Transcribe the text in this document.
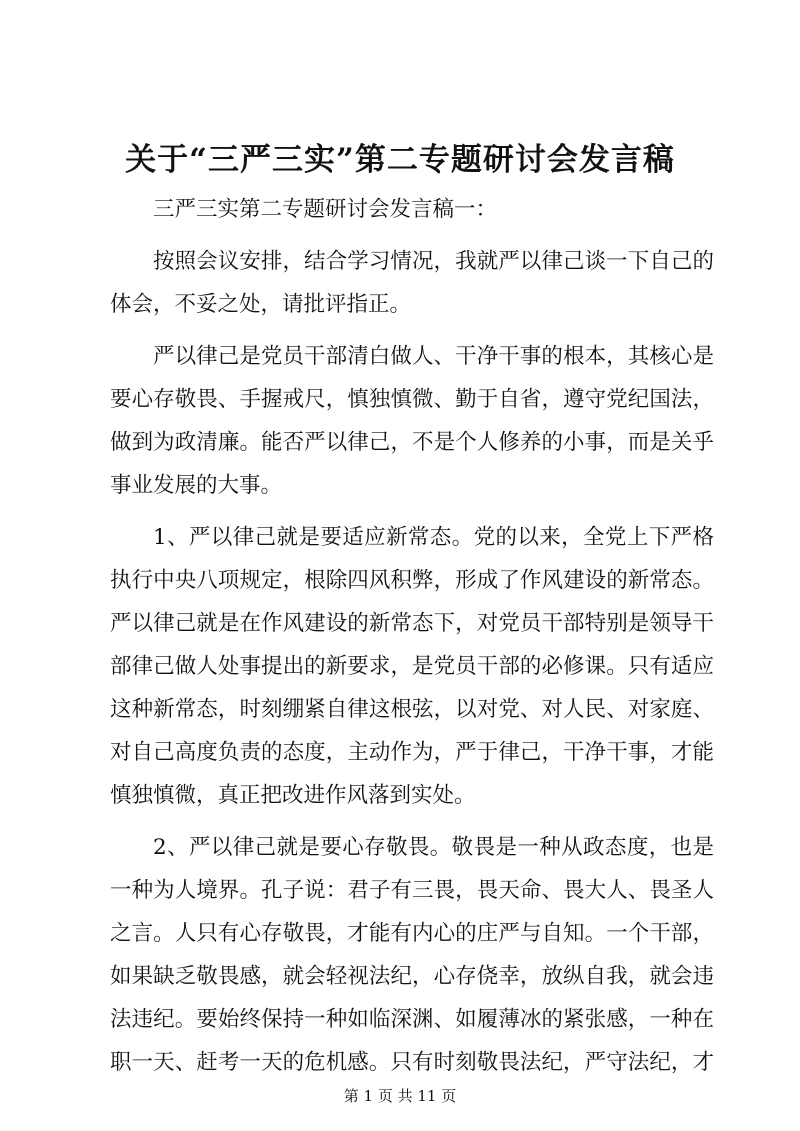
关于“三严三实”第二专题研讨会发言稿
三严三实第二专题研讨会发言稿一：
按照会议安排，结合学习情况，我就严以律己谈一下自己的
体会，不妥之处，请批评指正。
严以律己是党员干部清白做人、干净干事的根本，其核心是
要心存敬畏、手握戒尺，慎独慎微、勤于自省，遵守党纪国法，
做到为政清廉。能否严以律己，不是个人修养的小事，而是关乎
事业发展的大事。
1、严以律己就是要适应新常态。党的以来，全党上下严格
执行中央八项规定，根除四风积弊，形成了作风建设的新常态。
严以律己就是在作风建设的新常态下，对党员干部特别是领导干
部律己做人处事提出的新要求，是党员干部的必修课。只有适应
这种新常态，时刻绷紧自律这根弦，以对党、对人民、对家庭、
对自己高度负责的态度，主动作为，严于律己，干净干事，才能
慎独慎微，真正把改进作风落到实处。
2、严以律己就是要心存敬畏。敬畏是一种从政态度，也是
一种为人境界。孔子说：君子有三畏，畏天命、畏大人、畏圣人
之言。人只有心存敬畏，才能有内心的庄严与自知。一个干部，
如果缺乏敬畏感，就会轻视法纪，心存侥幸，放纵自我，就会违
法违纪。要始终保持一种如临深渊、如履薄冰的紧张感，一种在
职一天、赶考一天的危机感。只有时刻敬畏法纪，严守法纪，才
第 1 页 共 11 页
